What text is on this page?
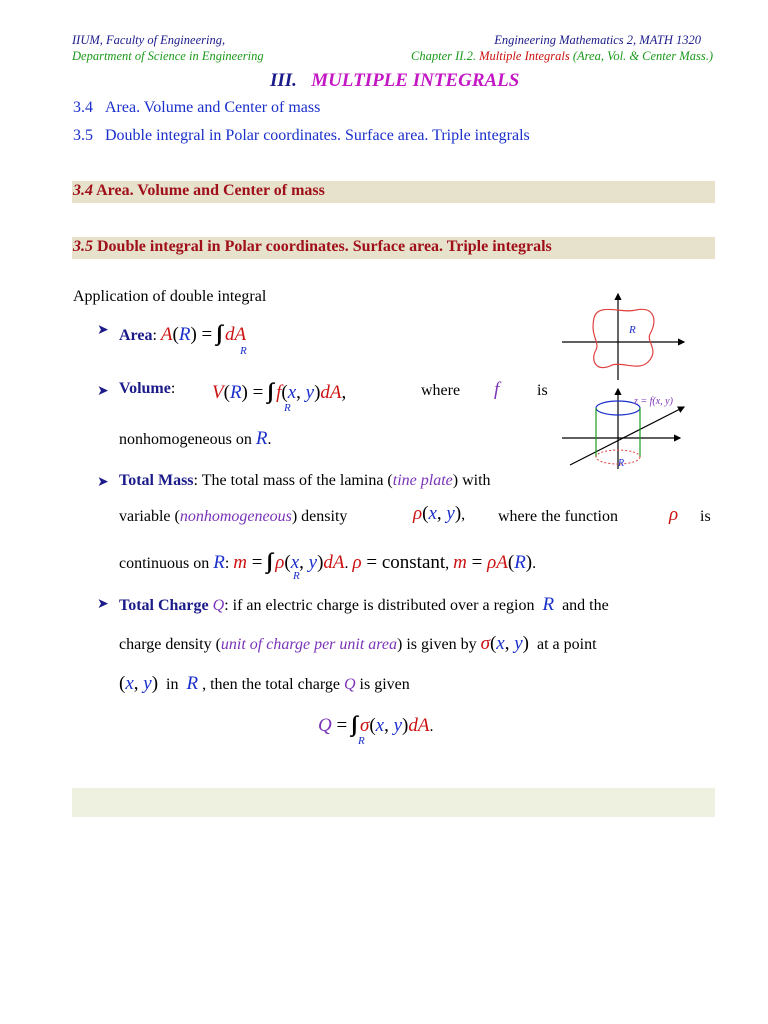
IIUM, Faculty of Engineering,
Department of Science in Engineering
Engineering Mathematics 2, MATH 1320
Chapter II.2. Multiple Integrals (Area, Vol. & Center Mass.)
III. MULTIPLE INTEGRALS
3.4 Area. Volume and Center of mass
3.5 Double integral in Polar coordinates. Surface area. Triple integrals
3.4 Area. Volume and Center of mass
3.5 Double integral in Polar coordinates. Surface area. Triple integrals
Application of double integral
➤ Area: A(R) =   dA
R
➤ Volume: V(R) =   f(x, y)dA,
R
where f is
nonhomogeneous on R.
➤ Total Mass: The total mass of the lamina (tine plate) with
variable (nonhomogeneous) density	ρ(x, y), where the function	ρ is
continuous on R: m =   ρ(x, y)dA. ρ = constant, m = ρA(R).
R
➤ Total Charge Q: if an electric charge is distributed over a region R and the
charge density (unit of charge per unit area) is given by σ(x, y) at a point
(x, y) in R , then the total charge Q is given
Q =   σ(x, y)dA.
R
R
R
z = f(x, y)
